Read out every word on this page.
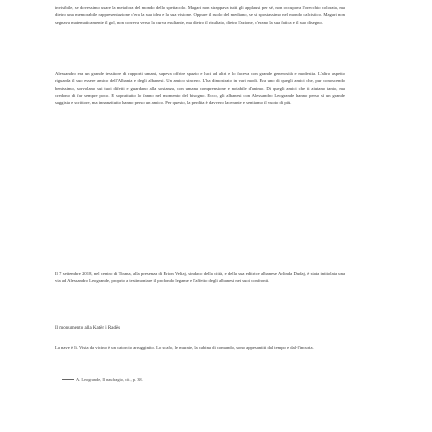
invisibile, se dovessimo usare la metafora del mondo dello spettacolo. Magari non strappava tutti gli applausi per sé, non occupava l'orecchio colorata, ma dietro una memorabile rappresentazione c'era la sua idea e la sua visione. Oppure il ruolo del mediano, se si spostassimo nel mondo calcistico. Magari non segnava matematicamente il gol, non correva verso la curva esultante, ma dietro il risultato, dietro l'azione, c'erano la sua fatica e il suo disegno.

Alessandro era un grande tessitore di rapporti umani, sapeva offrire spazio e luci ad altri e lo faceva con grande generosità e modestia. L'altro aspetto riguarda il suo essere amico dell'Albania e degli albanesi. Un amico sincero. L'ha dimostrato in vari modi. Era uno di quegli amici che, pur conoscendo benissimo, sorvolano sui tuoi difetti e guardano alla sostanza, con umana comprensione e notabile d'animo. Di quegli amici che ti aiutano tanto, ma credono di far sempre poco. E soprattutto lo fanno nel momento del bisogno. Ecco, gli albanesi con Alessandro Leogrande hanno perso sì un grande saggista e scrittore, ma innanzitutto hanno perso un amico. Per questo, la perdita è davvero lacerante e sentiamo il vuoto di più.

Il 7 settembre 2018, nel centro di Tirana, alla presenza di Erion Veliaj, sindaco della città, e della sua editrice albanese Arlinda Dudaj, è stata intitolata una via ad Alessandro Leogrande, proprio a testimoniare il profondo legame e l'affetto degli albanesi nei suoi confronti.

Il monumento alla Katër i Radës

La nave è lì. Vista da vicino è un catorcio arrugginito. Lo scafo, le murate, la cabina di comando, sono appesantiti dal tempo e dal-l'incuria.

A. Leogrande, Il naufragio, cit., p. 38.
